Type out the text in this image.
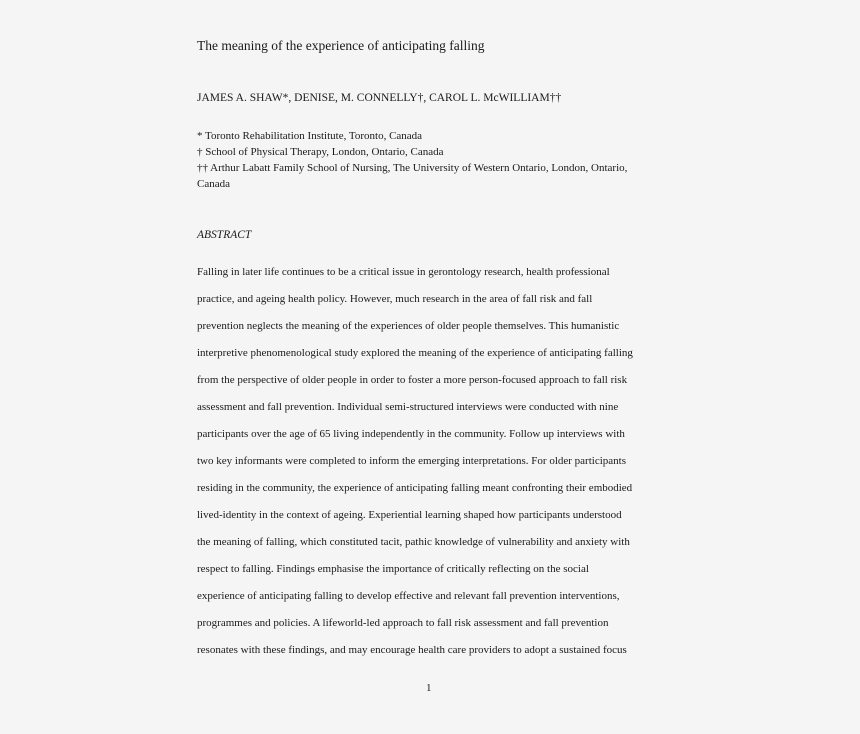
The meaning of the experience of anticipating falling
JAMES A. SHAW*, DENISE, M. CONNELLY†, CAROL L. McWILLIAM††
* Toronto Rehabilitation Institute, Toronto, Canada
† School of Physical Therapy, London, Ontario, Canada
†† Arthur Labatt Family School of Nursing, The University of Western Ontario, London, Ontario,
Canada
ABSTRACT
Falling in later life continues to be a critical issue in gerontology research, health professional
practice, and ageing health policy. However, much research in the area of fall risk and fall
prevention neglects the meaning of the experiences of older people themselves. This humanistic
interpretive phenomenological study explored the meaning of the experience of anticipating falling
from the perspective of older people in order to foster a more person-focused approach to fall risk
assessment and fall prevention. Individual semi-structured interviews were conducted with nine
participants over the age of 65 living independently in the community. Follow up interviews with
two key informants were completed to inform the emerging interpretations. For older participants
residing in the community, the experience of anticipating falling meant confronting their embodied
lived-identity in the context of ageing. Experiential learning shaped how participants understood
the meaning of falling, which constituted tacit, pathic knowledge of vulnerability and anxiety with
respect to falling. Findings emphasise the importance of critically reflecting on the social
experience of anticipating falling to develop effective and relevant fall prevention interventions,
programmes and policies. A lifeworld-led approach to fall risk assessment and fall prevention
resonates with these findings, and may encourage health care providers to adopt a sustained focus
1
